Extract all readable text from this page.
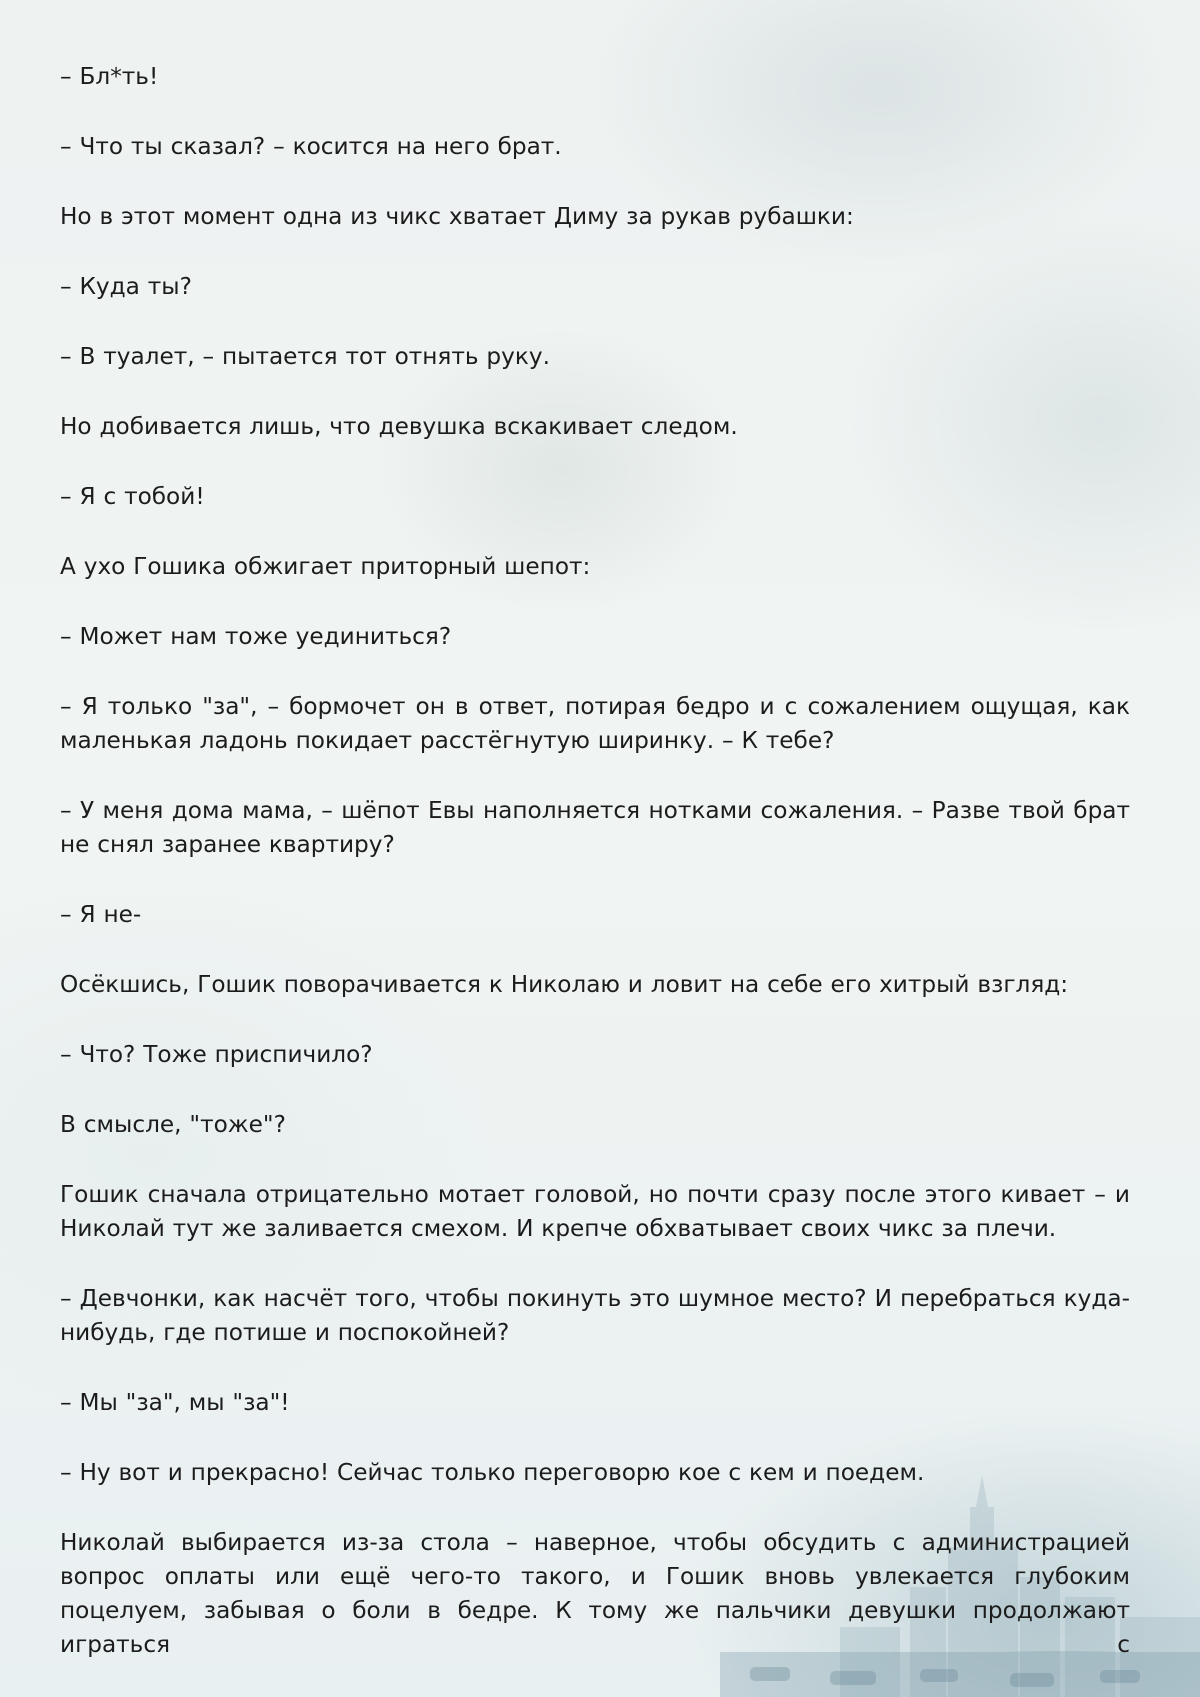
– Бл*ть!

– Что ты сказал? – косится на него брат.

Но в этот момент одна из чикс хватает Диму за рукав рубашки:

– Куда ты?

– В туалет, – пытается тот отнять руку.

Но добивается лишь, что девушка вскакивает следом.

– Я с тобой!

А ухо Гошика обжигает приторный шепот:

– Может нам тоже уединиться?

– Я только "за", – бормочет он в ответ, потирая бедро и с сожалением ощущая, как маленькая ладонь покидает расстёгнутую ширинку. – К тебе?

– У меня дома мама, – шёпот Евы наполняется нотками сожаления. – Разве твой брат не снял заранее квартиру?

– Я не-

Осёкшись, Гошик поворачивается к Николаю и ловит на себе его хитрый взгляд:

– Что? Тоже приспичило?

В смысле, "тоже"?

Гошик сначала отрицательно мотает головой, но почти сразу после этого кивает – и Николай тут же заливается смехом. И крепче обхватывает своих чикс за плечи.

– Девчонки, как насчёт того, чтобы покинуть это шумное место? И перебраться куда-нибудь, где потише и поспокойней?

– Мы "за", мы "за"!

– Ну вот и прекрасно! Сейчас только переговорю кое с кем и поедем.

Николай выбирается из-за стола – наверное, чтобы обсудить с администрацией вопрос оплаты или ещё чего-то такого, и Гошик вновь увлекается глубоким поцелуем, забывая о боли в бедре. К тому же пальчики девушки продолжают играться с
